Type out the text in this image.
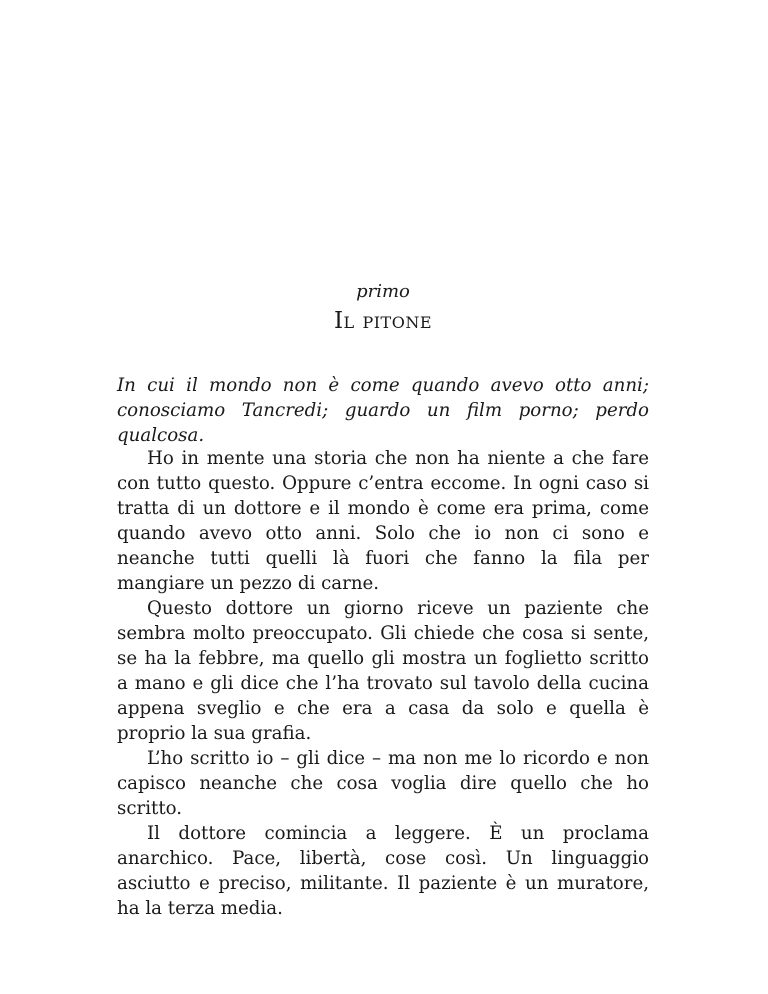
primo
Il pitone
In cui il mondo non è come quando avevo otto anni; conosciamo Tancredi; guardo un film porno; perdo qualcosa.

Ho in mente una storia che non ha niente a che fare con tutto questo. Oppure c’entra eccome. In ogni caso si tratta di un dottore e il mondo è come era prima, come quando avevo otto anni. Solo che io non ci sono e neanche tutti quelli là fuori che fanno la fila per mangiare un pezzo di carne.

Questo dottore un giorno riceve un paziente che sembra molto preoccupato. Gli chiede che cosa si sente, se ha la febbre, ma quello gli mostra un foglietto scritto a mano e gli dice che l’ha trovato sul tavolo della cucina appena sveglio e che era a casa da solo e quella è proprio la sua grafia.

L’ho scritto io – gli dice – ma non me lo ricordo e non capisco neanche che cosa voglia dire quello che ho scritto.

Il dottore comincia a leggere. È un proclama anarchico. Pace, libertà, cose così. Un linguaggio asciutto e preciso, militante. Il paziente è un muratore, ha la terza media.
